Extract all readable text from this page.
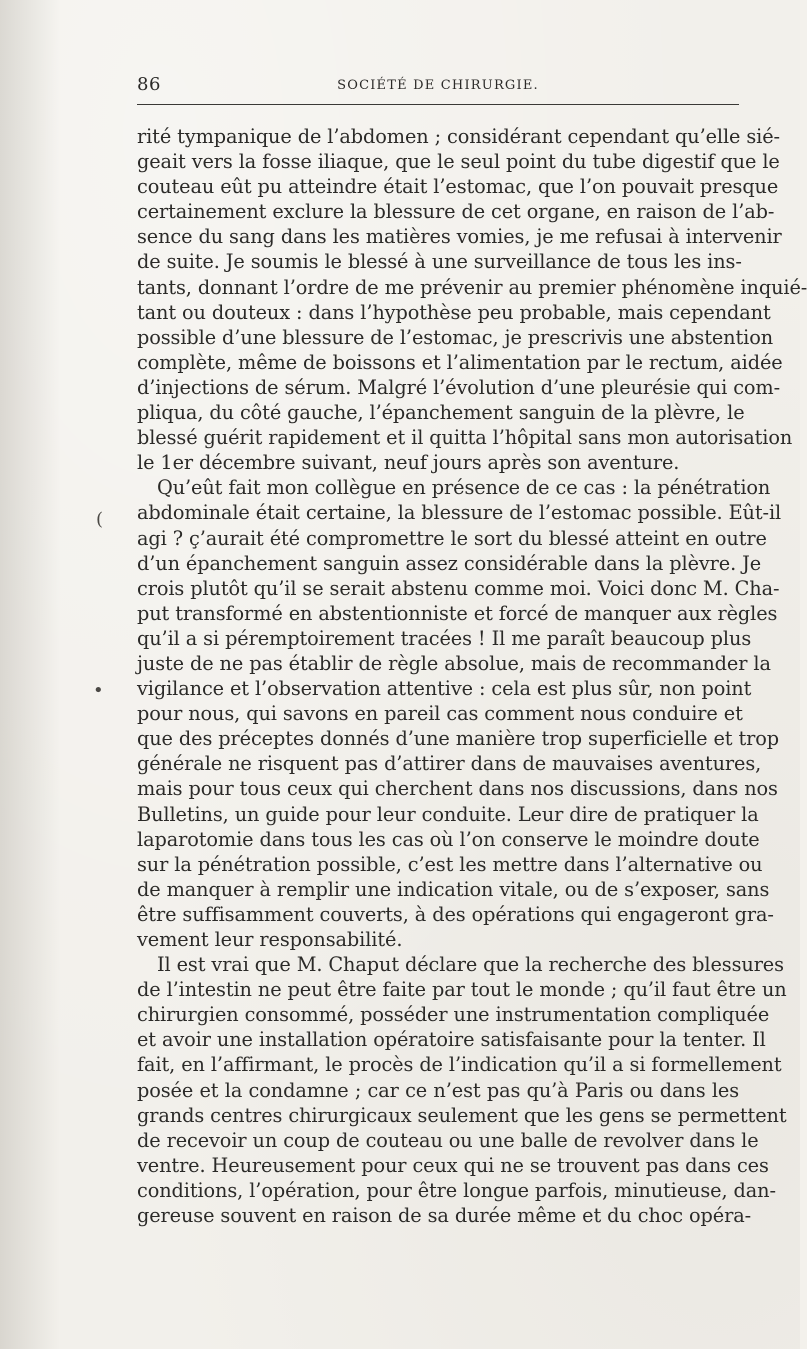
86	SOCIÉTÉ DE CHIRURGIE.
(
•
rité tympanique de l’abdomen ; considérant cependant qu’elle sié-
geait vers la fosse iliaque, que le seul point du tube digestif que le
couteau eût pu atteindre était l’estomac, que l’on pouvait presque
certainement exclure la blessure de cet organe, en raison de l’ab-
sence du sang dans les matières vomies, je me refusai à intervenir
de suite. Je soumis le blessé à une surveillance de tous les ins-
tants, donnant l’ordre de me prévenir au premier phénomène inquié-
tant ou douteux : dans l’hypothèse peu probable, mais cependant
possible d’une blessure de l’estomac, je prescrivis une abstention
complète, même de boissons et l’alimentation par le rectum, aidée
d’injections de sérum. Malgré l’évolution d’une pleurésie qui com-
pliqua, du côté gauche, l’épanchement sanguin de la plèvre, le
blessé guérit rapidement et il quitta l’hôpital sans mon autorisation
le 1er décembre suivant, neuf jours après son aventure.
Qu’eût fait mon collègue en présence de ce cas : la pénétration
abdominale était certaine, la blessure de l’estomac possible. Eût-il
agi ? ç’aurait été compromettre le sort du blessé atteint en outre
d’un épanchement sanguin assez considérable dans la plèvre. Je
crois plutôt qu’il se serait abstenu comme moi. Voici donc M. Cha-
put transformé en abstentionniste et forcé de manquer aux règles
qu’il a si péremptoirement tracées ! Il me paraît beaucoup plus
juste de ne pas établir de règle absolue, mais de recommander la
vigilance et l’observation attentive : cela est plus sûr, non point
pour nous, qui savons en pareil cas comment nous conduire et
que des préceptes donnés d’une manière trop superficielle et trop
générale ne risquent pas d’attirer dans de mauvaises aventures,
mais pour tous ceux qui cherchent dans nos discussions, dans nos
Bulletins, un guide pour leur conduite. Leur dire de pratiquer la
laparotomie dans tous les cas où l’on conserve le moindre doute
sur la pénétration possible, c’est les mettre dans l’alternative ou
de manquer à remplir une indication vitale, ou de s’exposer, sans
être suffisamment couverts, à des opérations qui engageront gra-
vement leur responsabilité.
Il est vrai que M. Chaput déclare que la recherche des blessures
de l’intestin ne peut être faite par tout le monde ; qu’il faut être un
chirurgien consommé, posséder une instrumentation compliquée
et avoir une installation opératoire satisfaisante pour la tenter. Il
fait, en l’affirmant, le procès de l’indication qu’il a si formellement
posée et la condamne ; car ce n’est pas qu’à Paris ou dans les
grands centres chirurgicaux seulement que les gens se permettent
de recevoir un coup de couteau ou une balle de revolver dans le
ventre. Heureusement pour ceux qui ne se trouvent pas dans ces
conditions, l’opération, pour être longue parfois, minutieuse, dan-
gereuse souvent en raison de sa durée même et du choc opéra-
